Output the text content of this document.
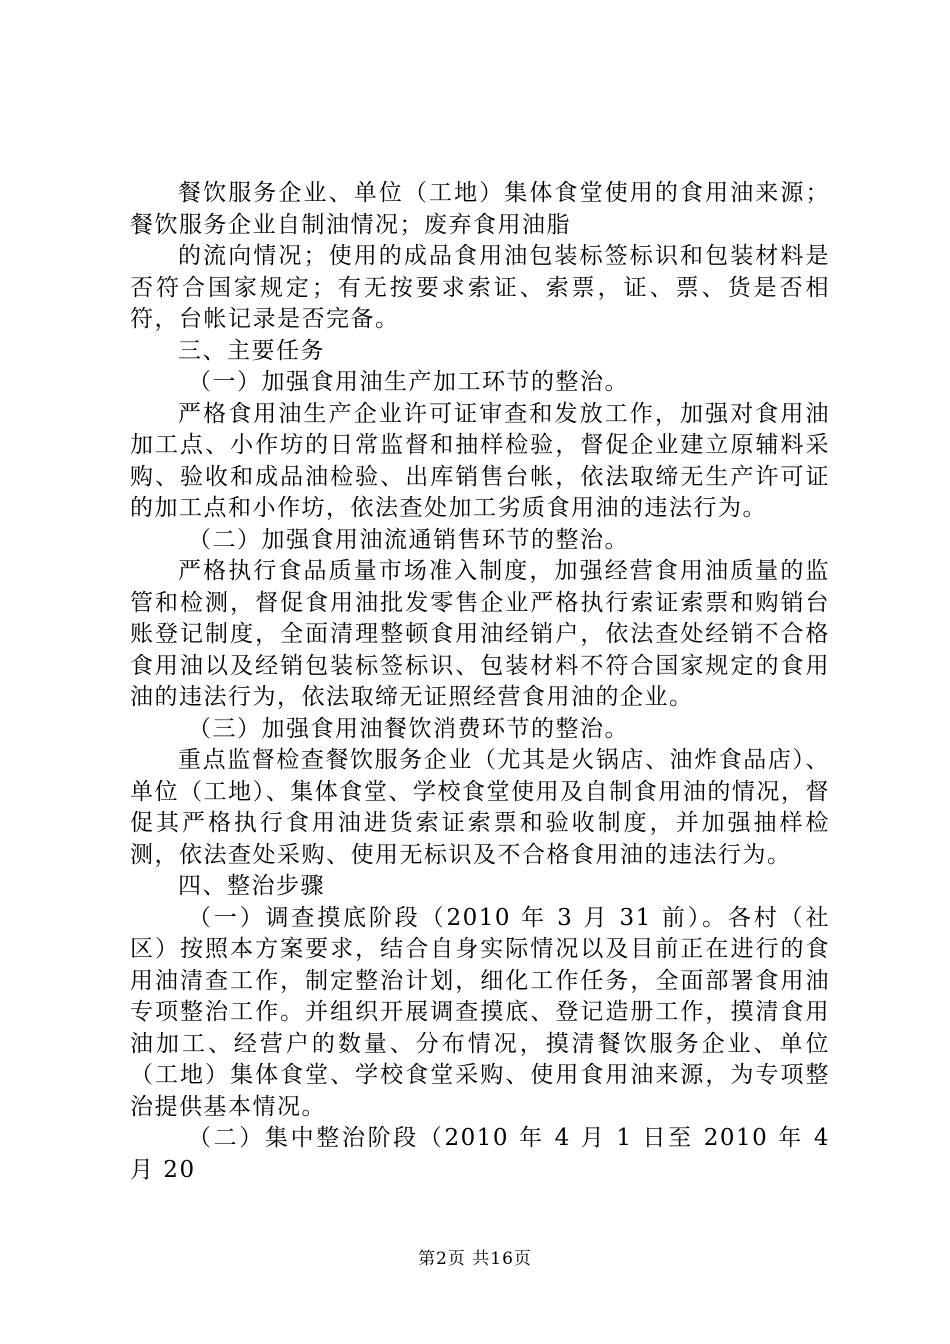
餐饮服务企业、单位（工地）集体食堂使用的食用油来源；餐饮服务企业自制油情况；废弃食用油脂

的流向情况；使用的成品食用油包装标签标识和包装材料是否符合国家规定；有无按要求索证、索票，证、票、货是否相符，台帐记录是否完备。

三、主要任务

（一）加强食用油生产加工环节的整治。

严格食用油生产企业许可证审查和发放工作，加强对食用油加工点、小作坊的日常监督和抽样检验，督促企业建立原辅料采购、验收和成品油检验、出库销售台帐，依法取缔无生产许可证的加工点和小作坊，依法查处加工劣质食用油的违法行为。

（二）加强食用油流通销售环节的整治。

严格执行食品质量市场准入制度，加强经营食用油质量的监管和检测，督促食用油批发零售企业严格执行索证索票和购销台账登记制度，全面清理整顿食用油经销户，依法查处经销不合格食用油以及经销包装标签标识、包装材料不符合国家规定的食用油的违法行为，依法取缔无证照经营食用油的企业。

（三）加强食用油餐饮消费环节的整治。

重点监督检查餐饮服务企业（尤其是火锅店、油炸食品店）、单位（工地）、集体食堂、学校食堂使用及自制食用油的情况，督促其严格执行食用油进货索证索票和验收制度，并加强抽样检测，依法查处采购、使用无标识及不合格食用油的违法行为。

四、整治步骤

（一）调查摸底阶段（2010 年 3 月 31 前）。各村（社区）按照本方案要求，结合自身实际情况以及目前正在进行的食用油清查工作，制定整治计划，细化工作任务，全面部署食用油专项整治工作。并组织开展调查摸底、登记造册工作，摸清食用油加工、经营户的数量、分布情况，摸清餐饮服务企业、单位（工地）集体食堂、学校食堂采购、使用食用油来源，为专项整治提供基本情况。

（二）集中整治阶段（2010 年 4 月 1 日至 2010 年 4 月 20

第2页 共16页
